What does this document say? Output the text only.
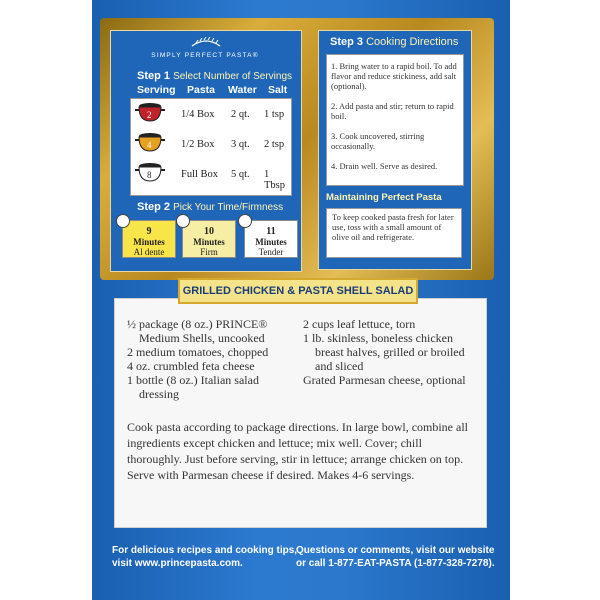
SIMPLY PERFECT PASTA®
Step 1 Select Number of Servings
Serving Pasta Water Salt
2	1/4 Box 2 qt. 1 tsp
4	1/2 Box 3 qt. 2 tsp
8	Full Box 5 qt. 1 Tbsp
Step 2 Pick Your Time/Firmness
9
Minutes
Al dente
10
Minutes
Firm
11
Minutes
Tender
Step 3 Cooking Directions
1. Bring water to a rapid boil. To add flavor and reduce stickiness, add salt (optional).
2. Add pasta and stir; return to rapid boil.
3. Cook uncovered, stirring occasionally.
4. Drain well. Serve as desired.
Maintaining Perfect Pasta
To keep cooked pasta fresh for later use, toss with a small amount of olive oil and refrigerate.
½ package (8 oz.) PRINCE®
Medium Shells, uncooked
2 medium tomatoes, chopped
4 oz. crumbled feta cheese
1 bottle (8 oz.) Italian salad
dressing
2 cups leaf lettuce, torn
1 lb. skinless, boneless chicken
breast halves, grilled or broiled
and sliced
Grated Parmesan cheese, optional
Cook pasta according to package directions. In large bowl, combine all ingredients except chicken and lettuce; mix well. Cover; chill thoroughly. Just before serving, stir in lettuce; arrange chicken on top. Serve with Parmesan cheese if desired. Makes 4-6 servings.
GRILLED CHICKEN & PASTA SHELL SALAD
For delicious recipes and cooking tips,
visit www.princepasta.com.
Questions or comments, visit our website
or call 1-877-EAT-PASTA (1-877-328-7278).
